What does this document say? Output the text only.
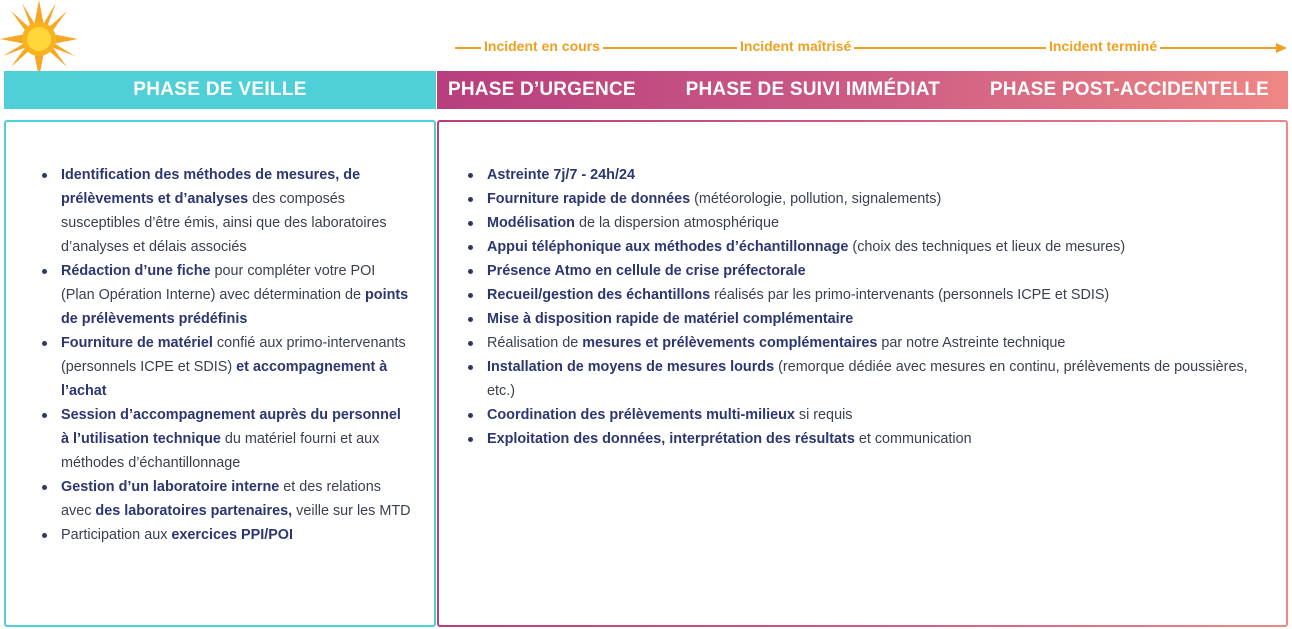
Incident en cours	Incident maîtrisé	Incident terminé
PHASE DE VEILLE	PHASE D’URGENCE	PHASE DE SUIVI IMMÉDIAT	PHASE POST-ACCIDENTELLE
Identification des méthodes de mesures, de prélèvements et d’analyses des composés susceptibles d’être émis, ainsi que des laboratoires d’analyses et délais associés
Rédaction d’une fiche pour compléter votre POI (Plan Opération Interne) avec détermination de points de prélèvements prédéfinis
Fourniture de matériel confié aux primo-intervenants (personnels ICPE et SDIS) et accompagnement à l’achat
Session d’accompagnement auprès du personnel à l’utilisation technique du matériel fourni et aux méthodes d’échantillonnage
Gestion d’un laboratoire interne et des relations avec des laboratoires partenaires, veille sur les MTD
Participation aux exercices PPI/POI
Astreinte 7j/7 - 24h/24
Fourniture rapide de données (météorologie, pollution, signalements)
Modélisation de la dispersion atmosphérique
Appui téléphonique aux méthodes d’échantillonnage (choix des techniques et lieux de mesures)
Présence Atmo en cellule de crise préfectorale
Recueil/gestion des échantillons réalisés par les primo-intervenants (personnels ICPE et SDIS)
Mise à disposition rapide de matériel complémentaire
Réalisation de mesures et prélèvements complémentaires par notre Astreinte technique
Installation de moyens de mesures lourds (remorque dédiée avec mesures en continu, prélèvements de poussières, etc.)
Coordination des prélèvements multi-milieux si requis
Exploitation des données, interprétation des résultats et communication
